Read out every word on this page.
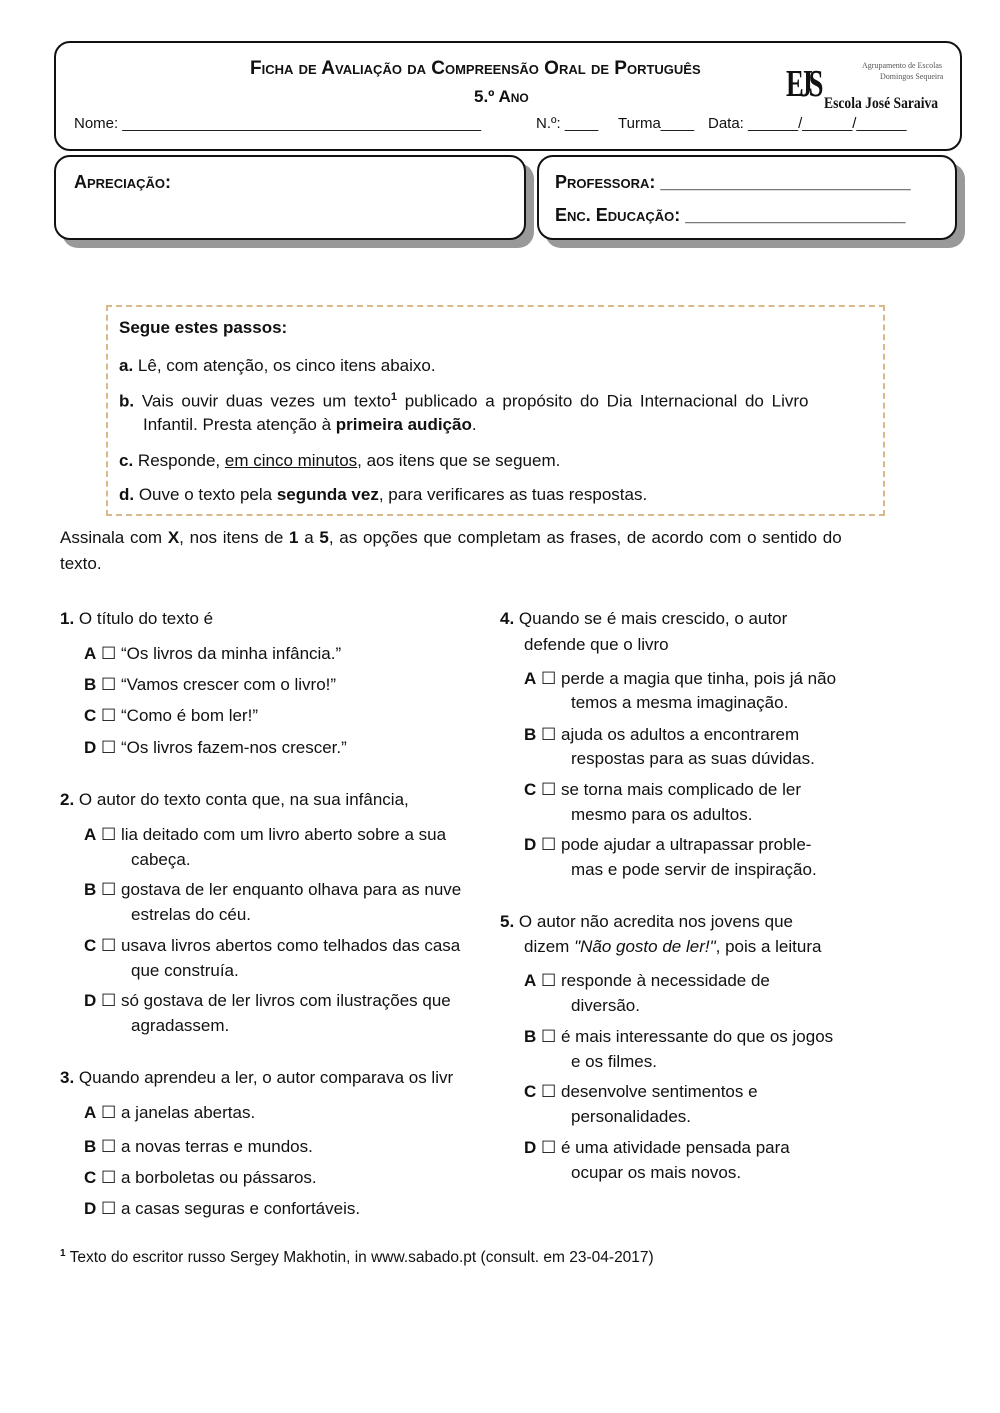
Ficha de Avaliação da Compreensão Oral de Português
5.º Ano
Nome: ___________________________________________	N.º: ____ Turma____ Data: ______/______/______
EJS	Agrupamento de Escolas
Domingos Sequeira
Escola José Saraiva
Apreciação:	Professora: _________________________
Enc. Educação: ______________________
Segue estes passos:
a. Lê, com atenção, os cinco itens abaixo.
b. Vais ouvir duas vezes um texto$^1$ publicado a propósito do Dia Internacional do Livro
Infantil. Presta atenção à primeira audição.
c. Responde, em cinco minutos, aos itens que se seguem.
d. Ouve o texto pela segunda vez, para verificares as tuas respostas.
Assinala com X, nos itens de 1 a 5, as opções que completam as frases, de acordo com o sentido do
texto.
1. O título do texto é
A ☐ “Os livros da minha infância.”
B ☐ “Vamos crescer com o livro!”
C ☐ “Como é bom ler!”
D ☐ “Os livros fazem-nos crescer.”
2. O autor do texto conta que, na sua infância,
A ☐ lia deitado com um livro aberto sobre a sua
cabeça.
B ☐ gostava de ler enquanto olhava para as nuve
estrelas do céu.
C ☐ usava livros abertos como telhados das casa
que construía.
D ☐ só gostava de ler livros com ilustrações que
agradassem.
3. Quando aprendeu a ler, o autor comparava os livr
A ☐ a janelas abertas.
B ☐ a novas terras e mundos.
C ☐ a borboletas ou pássaros.
D ☐ a casas seguras e confortáveis.
4. Quando se é mais crescido, o autor
defende que o livro
A ☐ perde a magia que tinha, pois já não
temos a mesma imaginação.
B ☐ ajuda os adultos a encontrarem
respostas para as suas dúvidas.
C ☐ se torna mais complicado de ler
mesmo para os adultos.
D ☐ pode ajudar a ultrapassar proble-
mas e pode servir de inspiração.
5. O autor não acredita nos jovens que
dizem "Não gosto de ler!", pois a leitura
A ☐ responde à necessidade de
diversão.
B ☐ é mais interessante do que os jogos
e os filmes.
C ☐ desenvolve sentimentos e
personalidades.
D ☐ é uma atividade pensada para
ocupar os mais novos.
$^1$ Texto do escritor russo Sergey Makhotin, in www.sabado.pt (consult. em 23-04-2017)
